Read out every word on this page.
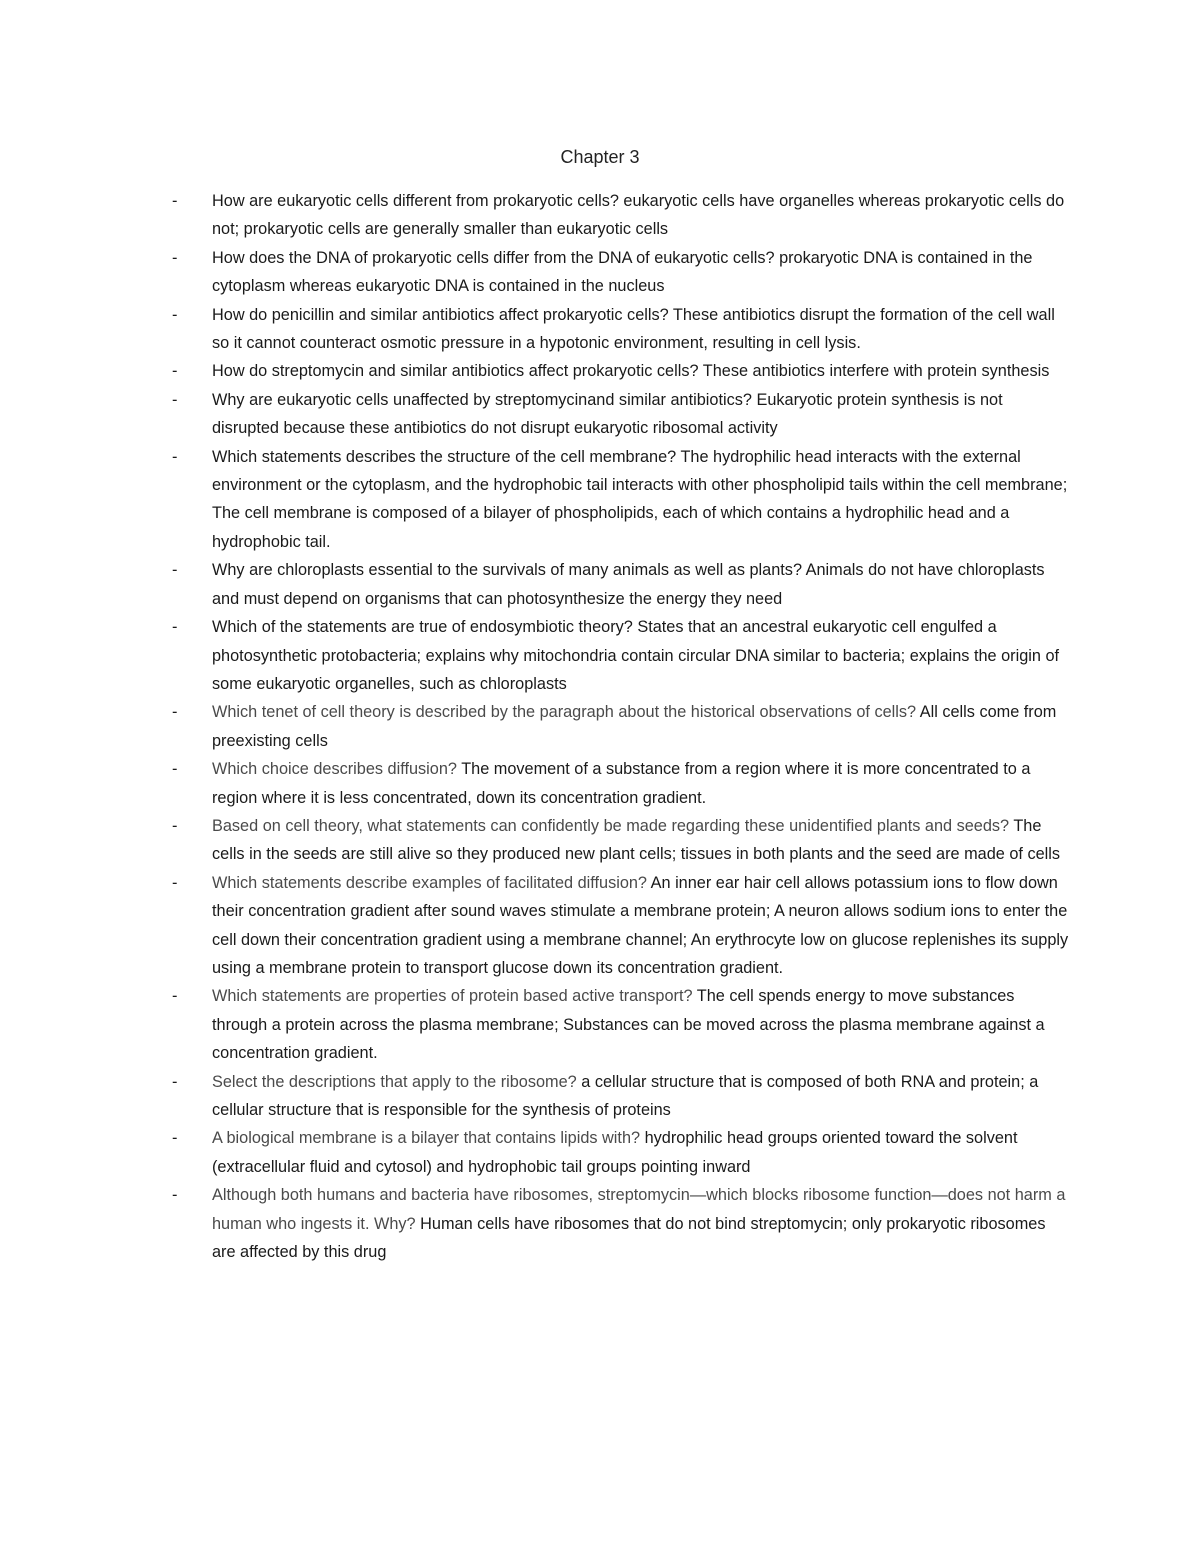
Chapter 3
-	How are eukaryotic cells different from prokaryotic cells? eukaryotic cells have organelles whereas prokaryotic cells do not; prokaryotic cells are generally smaller than eukaryotic cells
-	How does the DNA of prokaryotic cells differ from the DNA of eukaryotic cells? prokaryotic DNA is contained in the cytoplasm whereas eukaryotic DNA is contained in the nucleus
-	How do penicillin and similar antibiotics affect prokaryotic cells? These antibiotics disrupt the formation of the cell wall so it cannot counteract osmotic pressure in a hypotonic environment, resulting in cell lysis.
-	How do streptomycin and similar antibiotics affect prokaryotic cells? These antibiotics interfere with protein synthesis
-	Why are eukaryotic cells unaffected by streptomycinand similar antibiotics? Eukaryotic protein synthesis is not disrupted because these antibiotics do not disrupt eukaryotic ribosomal activity
-	Which statements describes the structure of the cell membrane? The hydrophilic head interacts with the external environment or the cytoplasm, and the hydrophobic tail interacts with other phospholipid tails within the cell membrane; The cell membrane is composed of a bilayer of phospholipids, each of which contains a hydrophilic head and a hydrophobic tail.
-	Why are chloroplasts essential to the survivals of many animals as well as plants? Animals do not have chloroplasts and must depend on organisms that can photosynthesize the energy they need
-	Which of the statements are true of endosymbiotic theory? States that an ancestral eukaryotic cell engulfed a photosynthetic protobacteria; explains why mitochondria contain circular DNA similar to bacteria; explains the origin of some eukaryotic organelles, such as chloroplasts
-	Which tenet of cell theory is described by the paragraph about the historical observations of cells? All cells come from preexisting cells
-	Which choice describes diffusion? The movement of a substance from a region where it is more concentrated to a region where it is less concentrated, down its concentration gradient.
-	Based on cell theory, what statements can confidently be made regarding these unidentified plants and seeds? The cells in the seeds are still alive so they produced new plant cells; tissues in both plants and the seed are made of cells
-	Which statements describe examples of facilitated diffusion? An inner ear hair cell allows potassium ions to flow down their concentration gradient after sound waves stimulate a membrane protein; A neuron allows sodium ions to enter the cell down their concentration gradient using a membrane channel; An erythrocyte low on glucose replenishes its supply using a membrane protein to transport glucose down its concentration gradient.
-	Which statements are properties of protein based active transport? The cell spends energy to move substances through a protein across the plasma membrane; Substances can be moved across the plasma membrane against a concentration gradient.
-	Select the descriptions that apply to the ribosome? a cellular structure that is composed of both RNA and protein; a cellular structure that is responsible for the synthesis of proteins
-	A biological membrane is a bilayer that contains lipids with? hydrophilic head groups oriented toward the solvent (extracellular fluid and cytosol) and hydrophobic tail groups pointing inward
-	Although both humans and bacteria have ribosomes, streptomycin—which blocks ribosome function—does not harm a human who ingests it. Why? Human cells have ribosomes that do not bind streptomycin; only prokaryotic ribosomes are affected by this drug
